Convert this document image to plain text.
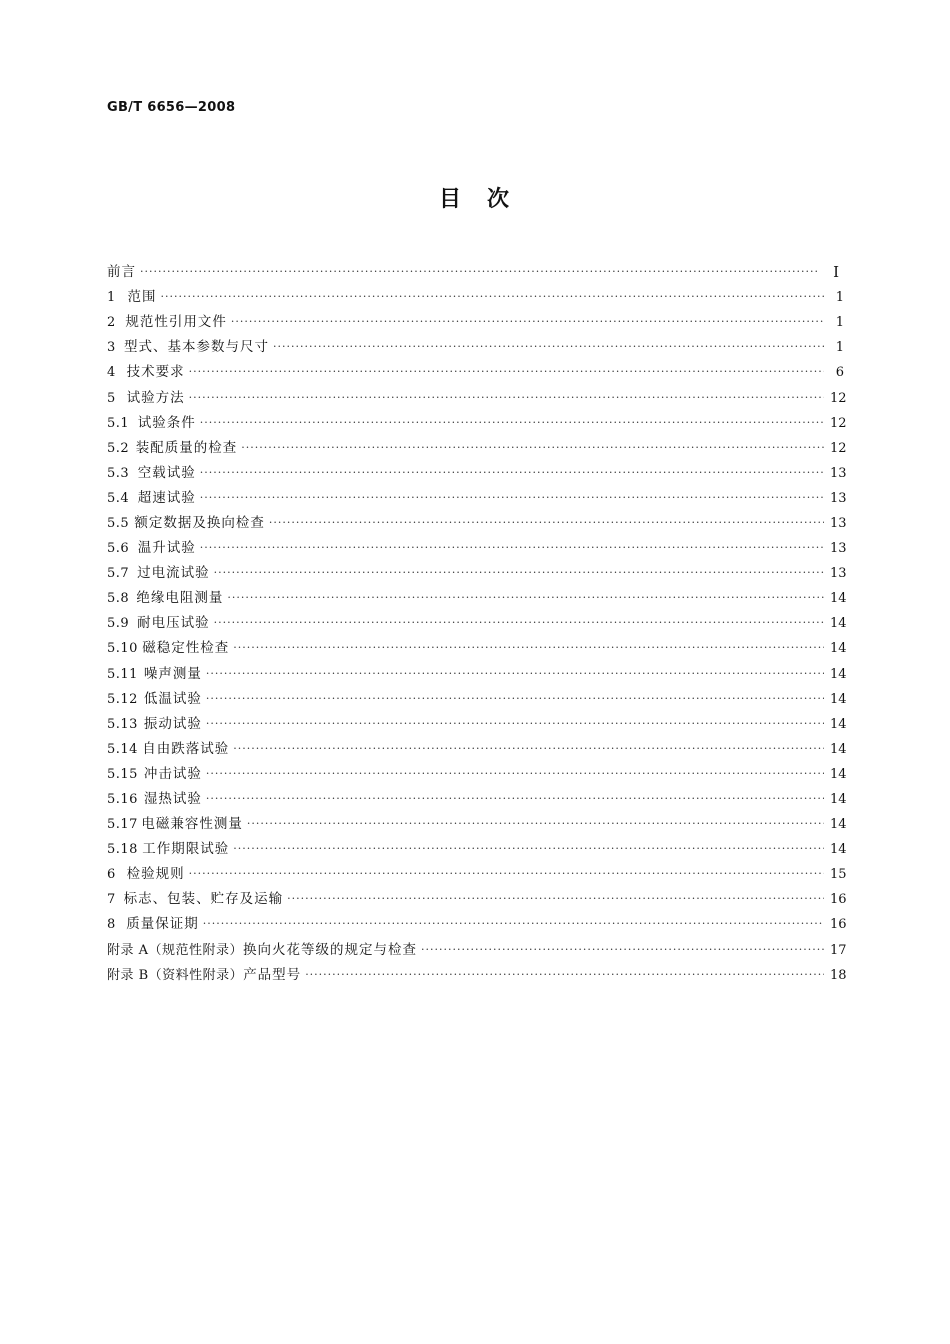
GB/T 6656—2008
目　次
前言 ·····	Ⅰ
1 范围 ·····	1
2 规范性引用文件 ·····	1
3 型式、基本参数与尺寸 ·····	1
4 技术要求 ·····	6
5 试验方法 ·····	12
5.1 试验条件 ·····	12
5.2 装配质量的检查 ·····	12
5.3 空载试验 ·····	13
5.4 超速试验 ·····	13
5.5 额定数据及换向检查 ·····	13
5.6 温升试验 ·····	13
5.7 过电流试验 ·····	13
5.8 绝缘电阻测量 ·····	14
5.9 耐电压试验 ·····	14
5.10 磁稳定性检查 ·····	14
5.11 噪声测量 ·····	14
5.12 低温试验 ·····	14
5.13 振动试验 ·····	14
5.14 自由跌落试验 ·····	14
5.15 冲击试验 ·····	14
5.16 湿热试验 ·····	14
5.17 电磁兼容性测量 ·····	14
5.18 工作期限试验 ·····	14
6 检验规则 ·····	15
7 标志、包装、贮存及运输 ·····	16
8 质量保证期 ·····	16
附录 A（规范性附录） 换向火花等级的规定与检查 ·····	17
附录 B（资料性附录） 产品型号 ·····	18
